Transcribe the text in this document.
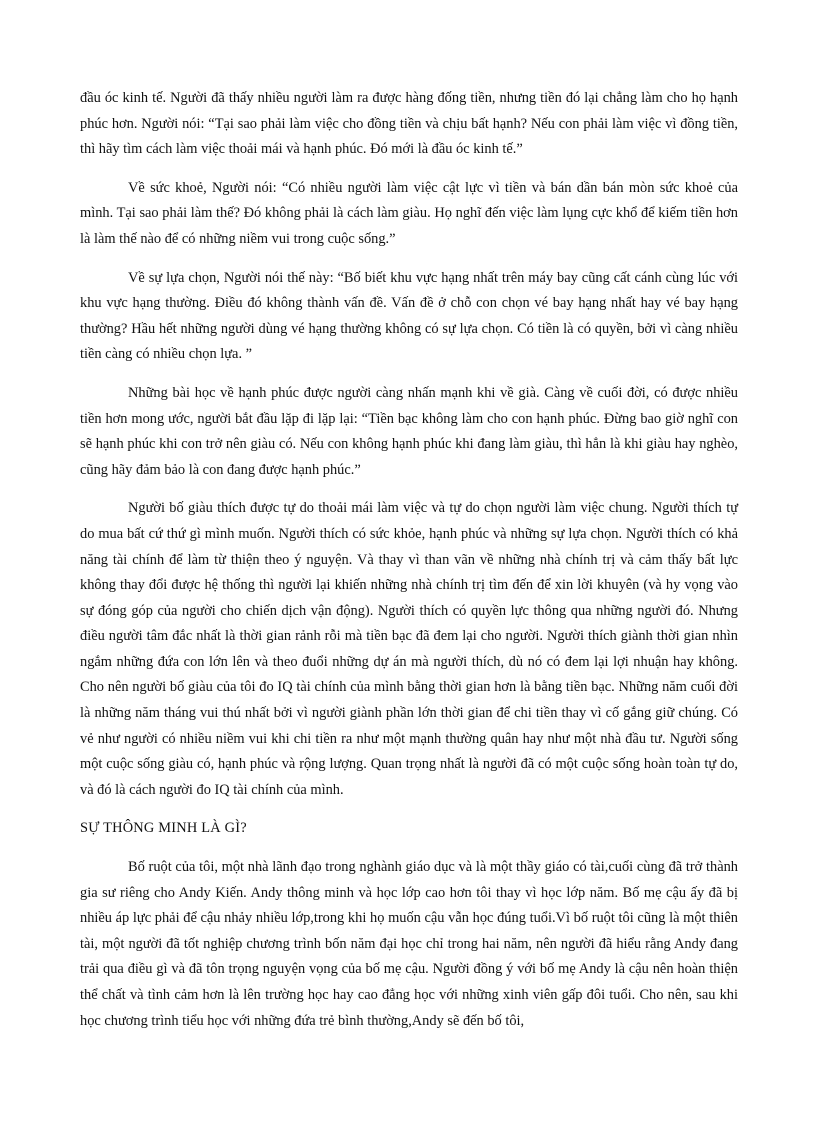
đầu óc kinh tế. Người đã thấy nhiều người làm ra được hàng đống tiền, nhưng tiền đó lại chẳng làm cho họ hạnh phúc hơn. Người nói: “Tại sao phải làm việc cho đồng tiền và chịu bất hạnh? Nếu con phải làm việc vì đồng tiền, thì hãy tìm cách làm việc thoải mái và hạnh phúc. Đó mới là đầu óc kinh tế.”

Về sức khoẻ, Người nói: “Có nhiều người làm việc cật lực vì tiền và bán dần bán mòn sức khoẻ của mình. Tại sao phải làm thế? Đó không phải là cách làm giàu. Họ nghĩ đến việc làm lụng cực khổ để kiếm tiền hơn là làm thế nào để có những niềm vui trong cuộc sống.”

Về sự lựa chọn, Người nói thế này: “Bố biết khu vực hạng nhất trên máy bay cũng cất cánh cùng lúc với khu vực hạng thường. Điều đó không thành vấn đề. Vấn đề ở chỗ con chọn vé bay hạng nhất hay vé bay hạng thường? Hầu hết những người dùng vé hạng thường không có sự lựa chọn. Có tiền là có quyền, bởi vì càng nhiều tiền càng có nhiều chọn lựa. ”

Những bài học về hạnh phúc được người càng nhấn mạnh khi về già. Càng về cuối đời, có được nhiều tiền hơn mong ước, người bắt đầu lặp đi lặp lại: “Tiền bạc không làm cho con hạnh phúc. Đừng bao giờ nghĩ con sẽ hạnh phúc khi con trở nên giàu có. Nếu con không hạnh phúc khi đang làm giàu, thì hẳn là khi giàu hay nghèo, cũng hãy đảm bảo là con đang được hạnh phúc.”

Người bố giàu thích được tự do thoải mái làm việc và tự do chọn người làm việc chung. Người thích tự do mua bất cứ thứ gì mình muốn. Người thích có sức khỏe, hạnh phúc và những sự lựa chọn. Người thích có khả năng tài chính để làm từ thiện theo ý nguyện. Và thay vì than vãn về những nhà chính trị và cảm thấy bất lực không thay đổi được hệ thống thì người lại khiến những nhà chính trị tìm đến để xin lời khuyên (và hy vọng vào sự đóng góp của người cho chiến dịch vận động). Người thích có quyền lực thông qua những người đó. Nhưng điều người tâm đắc nhất là thời gian rảnh rỗi mà tiền bạc đã đem lại cho người. Người thích giành thời gian nhìn ngắm những đứa con lớn lên và theo đuổi những dự án mà người thích, dù nó có đem lại lợi nhuận hay không. Cho nên người bố giàu của tôi đo IQ tài chính của mình bằng thời gian hơn là bằng tiền bạc. Những năm cuối đời là những năm tháng vui thú nhất bởi vì người giành phần lớn thời gian để chi tiền thay vì cố gắng giữ chúng. Có vẻ như người có nhiều niềm vui khi chi tiền ra như một mạnh thường quân hay như một nhà đầu tư. Người sống một cuộc sống giàu có, hạnh phúc và rộng lượng. Quan trọng nhất là người đã có một cuộc sống hoàn toàn tự do, và đó là cách người đo IQ tài chính của mình.

SỰ THÔNG MINH LÀ GÌ?

Bố ruột của tôi, một nhà lãnh đạo trong nghành giáo dục và là một thầy giáo có tài,cuối cùng đã trở thành gia sư riêng cho Andy Kiến. Andy thông minh và học lớp cao hơn tôi thay vì học lớp năm. Bố mẹ cậu ấy đã bị nhiều áp lực phải để cậu nhảy nhiều lớp,trong khi họ muốn cậu vẫn học đúng tuổi.Vì bố ruột tôi cũng là một thiên tài, một người đã tốt nghiệp chương trình bốn năm đại học chỉ trong hai năm, nên người đã hiểu rằng Andy đang trải qua điều gì và đã tôn trọng nguyện vọng của bố mẹ cậu. Người đồng ý với bố mẹ Andy là cậu nên hoàn thiện thể chất và tình cảm hơn là lên trường học hay cao đẳng học với những xinh viên gấp đôi tuổi. Cho nên, sau khi học chương trình tiểu học với những đứa trẻ bình thường,Andy sẽ đến bố tôi,
